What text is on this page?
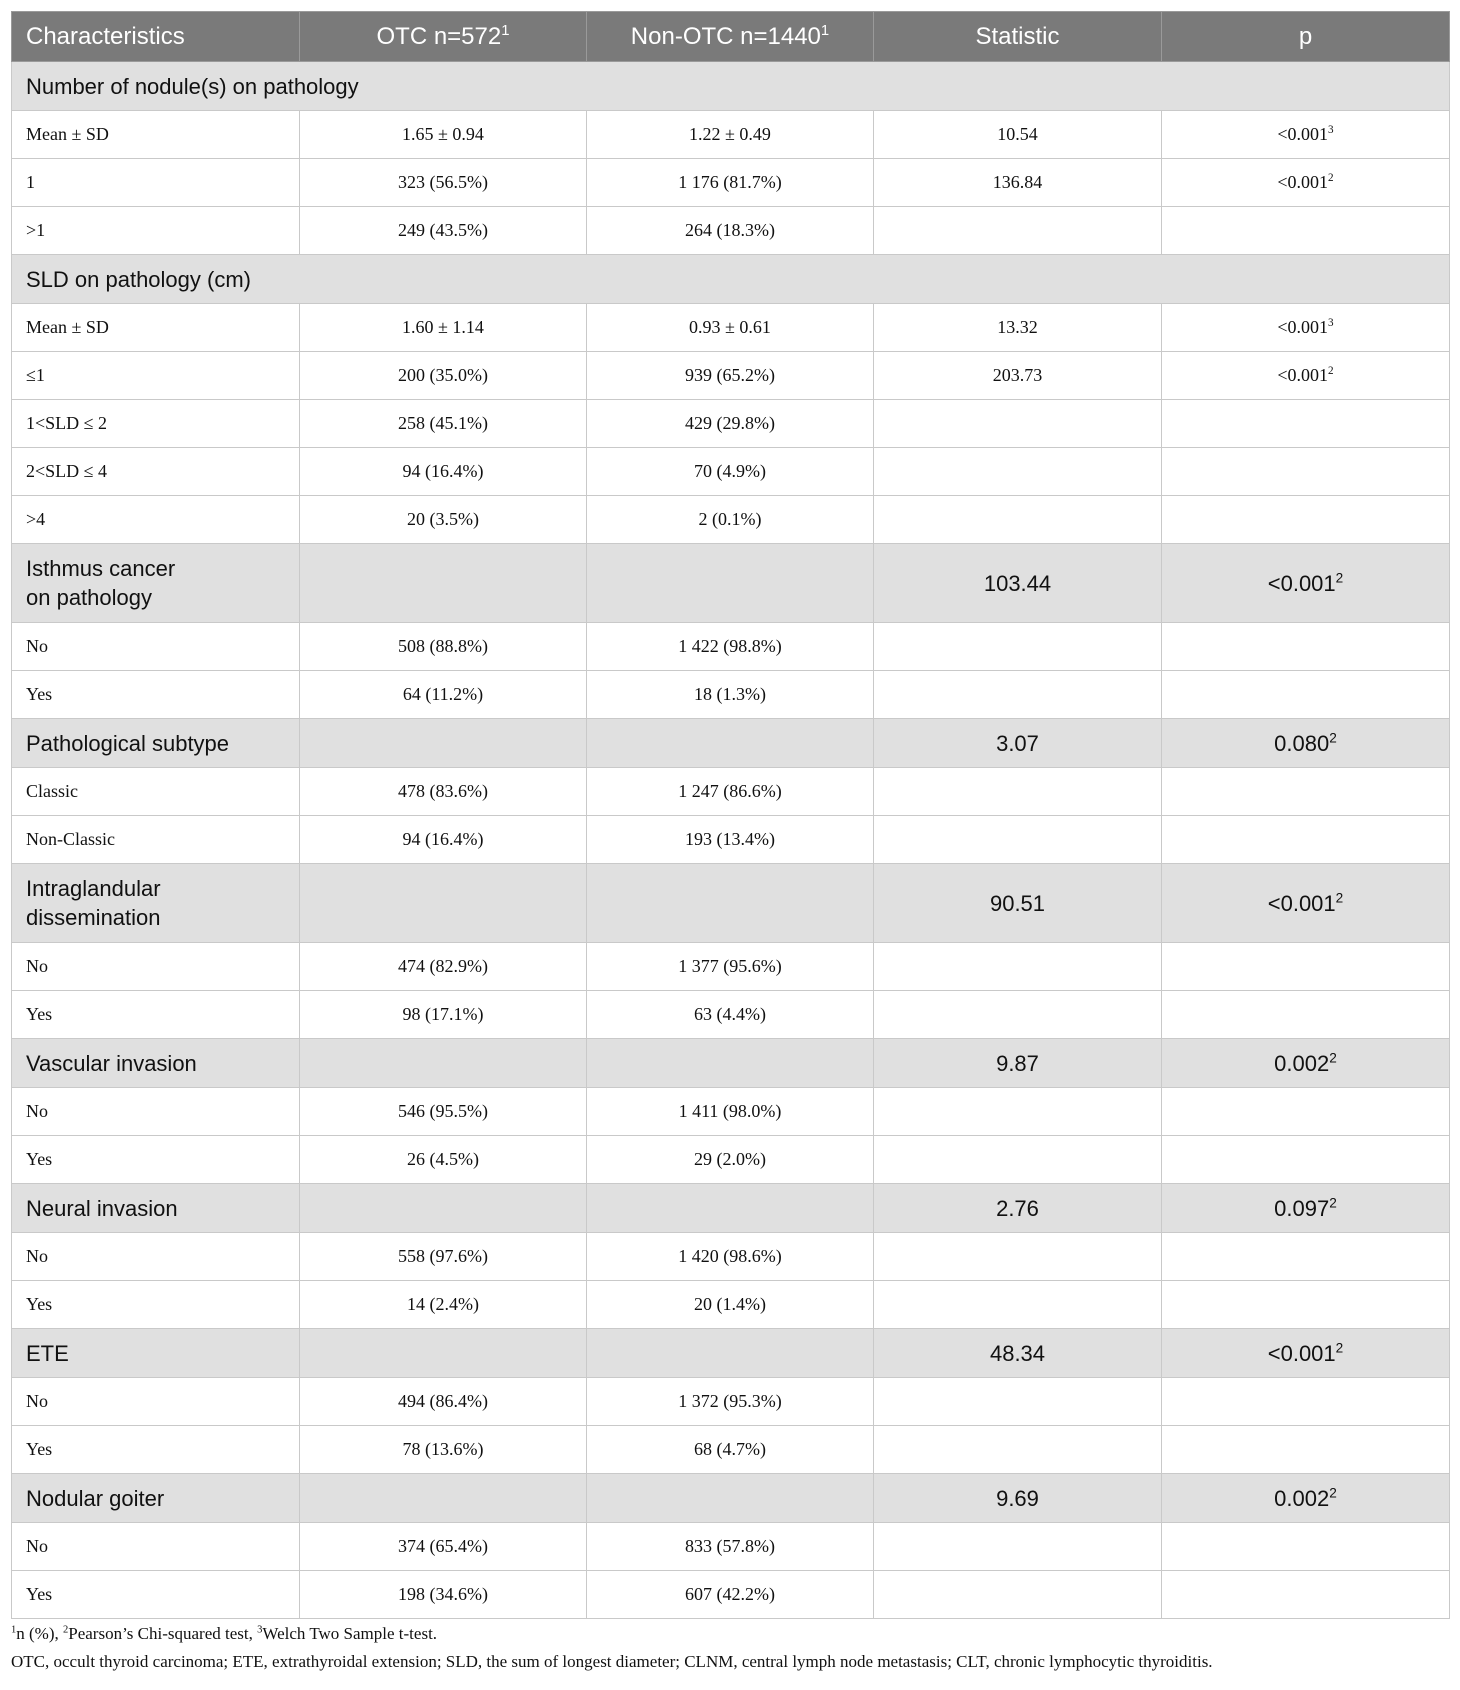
Characteristics	OTC $n=572^1$	Non-OTC $n=1440^1$	Statistic	p
Number of nodule(s) on pathology				
Mean ± SD	1.65 ± 0.94	1.22 ± 0.49	10.54	$<0.001^3$
1	323 (56.5%)	1 176 (81.7%)	136.84	$<0.001^2$
>1	249 (43.5%)	264 (18.3%)		
SLD on pathology (cm)				
Mean ± SD	1.60 ± 1.14	0.93 ± 0.61	13.32	$<0.001^3$
≤1	200 (35.0%)	939 (65.2%)	203.73	$<0.001^2$
1<SLD ≤ 2	258 (45.1%)	429 (29.8%)		
2<SLD ≤ 4	94 (16.4%)	70 (4.9%)		
>4	20 (3.5%)	2 (0.1%)		

Isthmus cancer
on pathology			103.44	$<0.001^2$
No	508 (88.8%)	1 422 (98.8%)		
Yes	64 (11.2%)	18 (1.3%)		
Pathological subtype			3.07	0.080$^2$
Classic	478 (83.6%)	1 247 (86.6%)		
Non-Classic	94 (16.4%)	193 (13.4%)		

Intraglandular
dissemination			90.51	$<0.001^2$
No	474 (82.9%)	1 377 (95.6%)		
Yes	98 (17.1%)	63 (4.4%)		
Vascular invasion			9.87	0.002$^2$
No	546 (95.5%)	1 411 (98.0%)		
Yes	26 (4.5%)	29 (2.0%)		
Neural invasion			2.76	0.097$^2$
No	558 (97.6%)	1 420 (98.6%)		
Yes	14 (2.4%)	20 (1.4%)		
ETE			48.34	$<0.001^2$
No	494 (86.4%)	1 372 (95.3%)		
Yes	78 (13.6%)	68 (4.7%)		
Nodular goiter			9.69	0.002$^2$
No	374 (65.4%)	833 (57.8%)		
Yes	198 (34.6%)	607 (42.2%)		
$^1$n (%), $^2$Pearson’s Chi-squared test, $^3$Welch Two Sample t-test.
OTC, occult thyroid carcinoma; ETE, extrathyroidal extension; SLD, the sum of longest diameter; CLNM, central lymph node metastasis; CLT, chronic lymphocytic thyroiditis.
